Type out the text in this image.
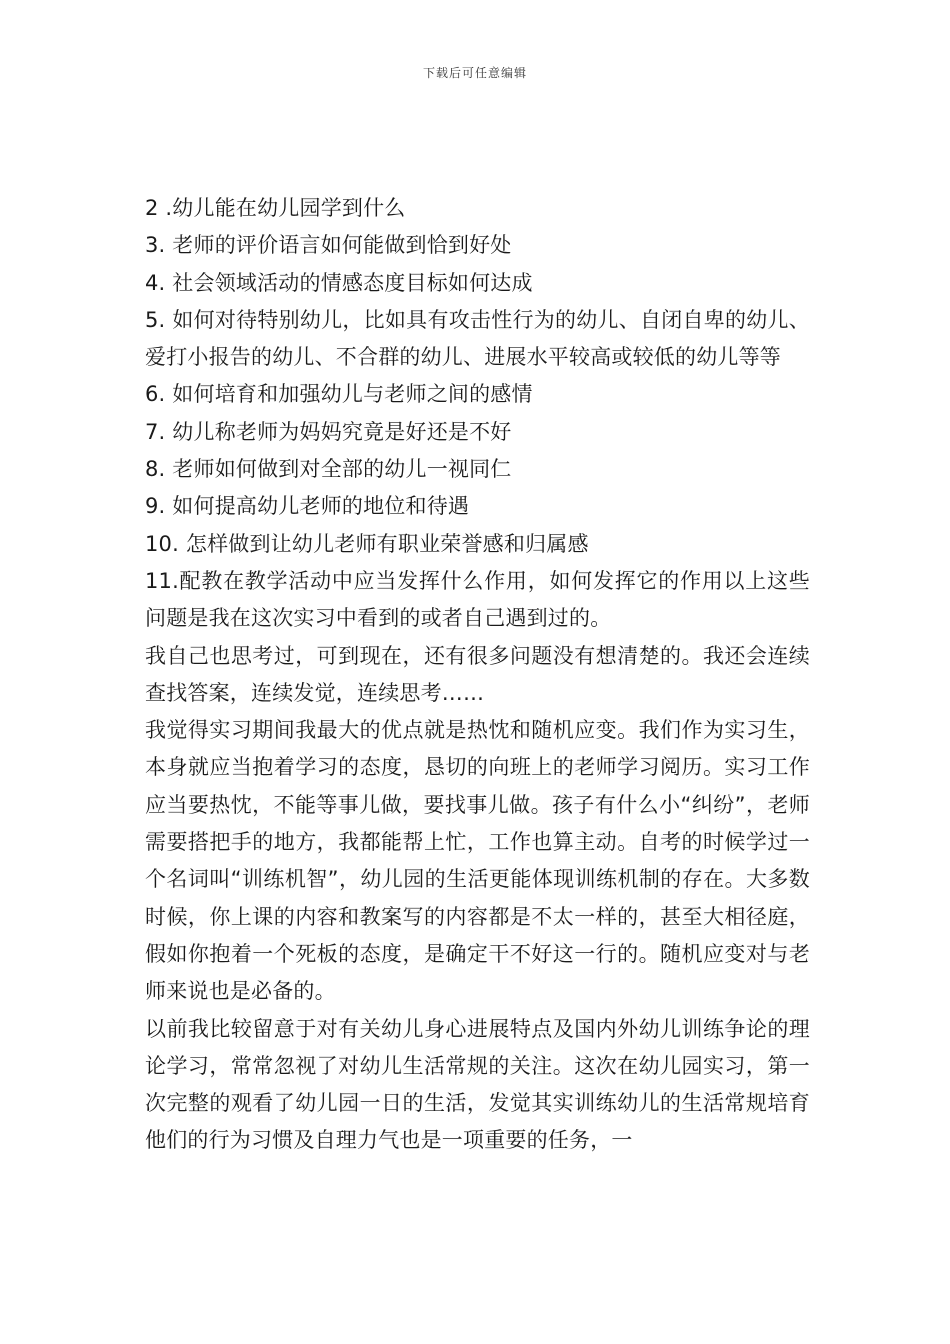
下载后可任意编辑

2 .幼儿能在幼儿园学到什么

3. 老师的评价语言如何能做到恰到好处

4. 社会领域活动的情感态度目标如何达成

5. 如何对待特别幼儿，比如具有攻击性行为的幼儿、自闭自卑的幼儿、爱打小报告的幼儿、不合群的幼儿、进展水平较高或较低的幼儿等等

6. 如何培育和加强幼儿与老师之间的感情

7. 幼儿称老师为妈妈究竟是好还是不好

8. 老师如何做到对全部的幼儿一视同仁

9. 如何提高幼儿老师的地位和待遇

10. 怎样做到让幼儿老师有职业荣誉感和归属感

11.配教在教学活动中应当发挥什么作用，如何发挥它的作用以上这些问题是我在这次实习中看到的或者自己遇到过的。

我自己也思考过，可到现在，还有很多问题没有想清楚的。我还会连续查找答案，连续发觉，连续思考……

我觉得实习期间我最大的优点就是热忱和随机应变。我们作为实习生，本身就应当抱着学习的态度，恳切的向班上的老师学习阅历。实习工作应当要热忱，不能等事儿做，要找事儿做。孩子有什么小“纠纷”，老师需要搭把手的地方，我都能帮上忙，工作也算主动。自考的时候学过一个名词叫“训练机智”，幼儿园的生活更能体现训练机制的存在。大多数时候，你上课的内容和教案写的内容都是不太一样的，甚至大相径庭，假如你抱着一个死板的态度，是确定干不好这一行的。随机应变对与老师来说也是必备的。

以前我比较留意于对有关幼儿身心进展特点及国内外幼儿训练争论的理论学习，常常忽视了对幼儿生活常规的关注。这次在幼儿园实习，第一次完整的观看了幼儿园一日的生活，发觉其实训练幼儿的生活常规培育他们的行为习惯及自理力气也是一项重要的任务，一
